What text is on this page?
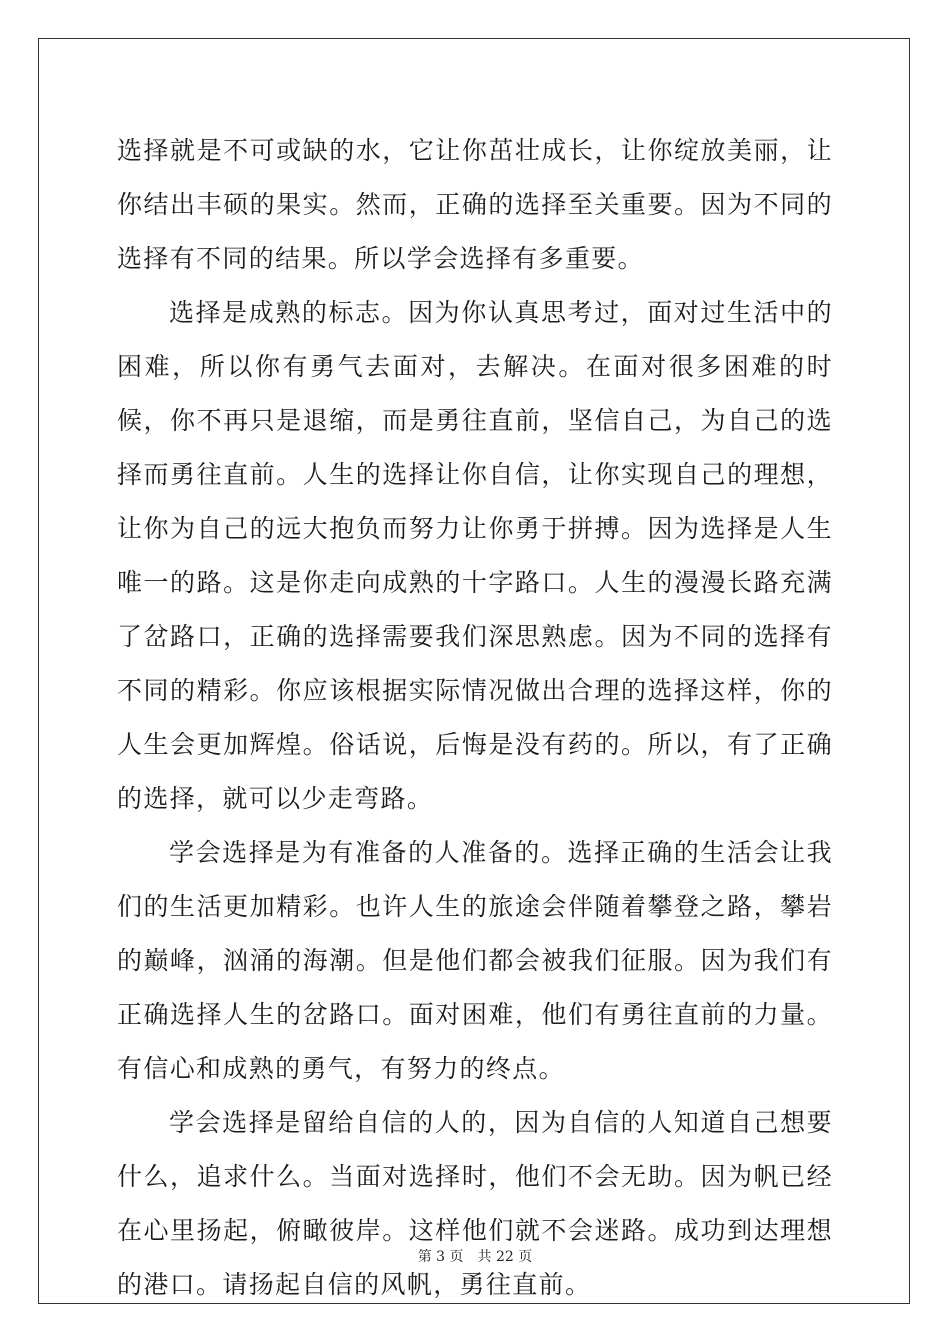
选择就是不可或缺的水，它让你茁壮成长，让你绽放美丽，让你结出丰硕的果实。然而，正确的选择至关重要。因为不同的选择有不同的结果。所以学会选择有多重要。

选择是成熟的标志。因为你认真思考过，面对过生活中的困难，所以你有勇气去面对，去解决。在面对很多困难的时候，你不再只是退缩，而是勇往直前，坚信自己，为自己的选择而勇往直前。人生的选择让你自信，让你实现自己的理想，让你为自己的远大抱负而努力让你勇于拼搏。因为选择是人生唯一的路。这是你走向成熟的十字路口。人生的漫漫长路充满了岔路口，正确的选择需要我们深思熟虑。因为不同的选择有不同的精彩。你应该根据实际情况做出合理的选择这样，你的人生会更加辉煌。俗话说，后悔是没有药的。所以，有了正确的选择，就可以少走弯路。

学会选择是为有准备的人准备的。选择正确的生活会让我们的生活更加精彩。也许人生的旅途会伴随着攀登之路，攀岩的巅峰，汹涌的海潮。但是他们都会被我们征服。因为我们有正确选择人生的岔路口。面对困难，他们有勇往直前的力量。有信心和成熟的勇气，有努力的终点。

学会选择是留给自信的人的，因为自信的人知道自己想要什么，追求什么。当面对选择时，他们不会无助。因为帆已经在心里扬起，俯瞰彼岸。这样他们就不会迷路。成功到达理想的港口。请扬起自信的风帆，勇往直前。

第 3 页 共 22 页
